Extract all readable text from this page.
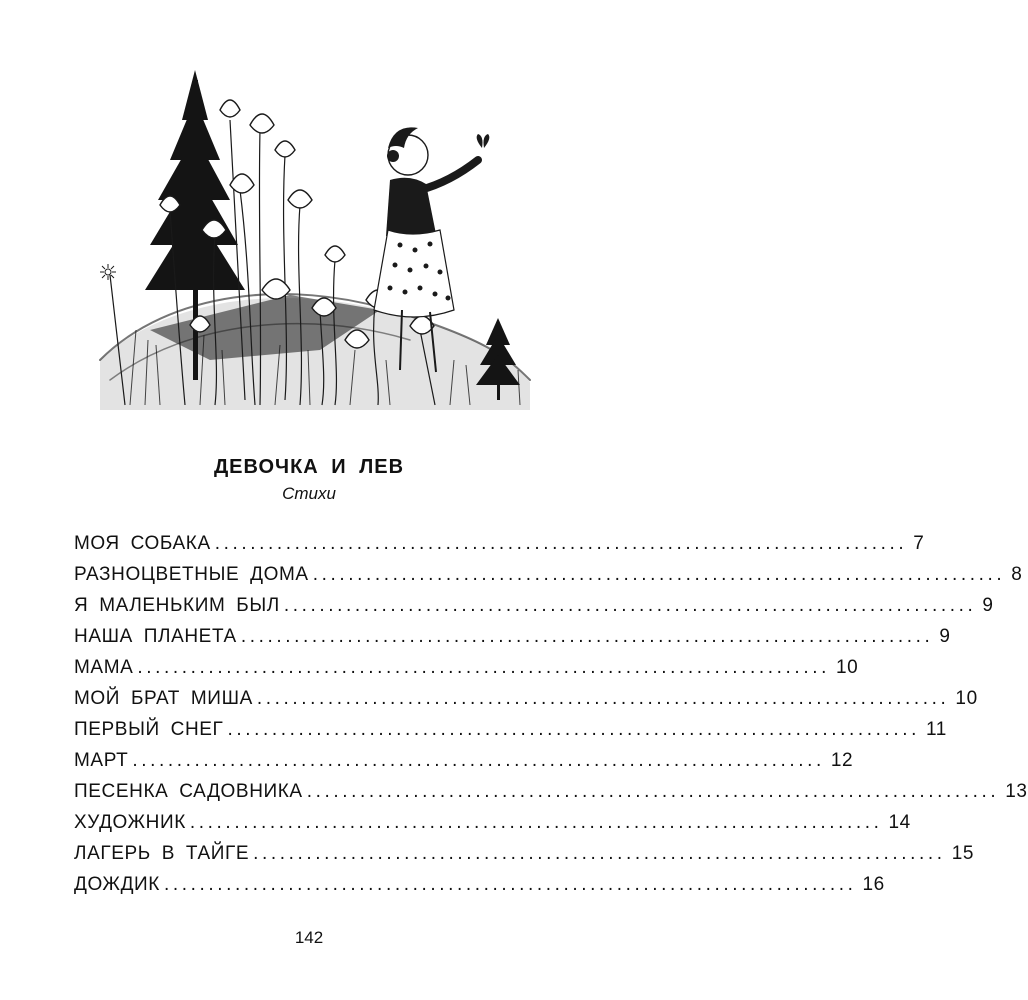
ДЕВОЧКА И ЛЕВ
Стихи
МОЯ СОБАКА .............................................................................. 7
РАЗНОЦВЕТНЫЕ ДОМА .............................................................................. 8
Я МАЛЕНЬКИМ БЫЛ .............................................................................. 9
НАША ПЛАНЕТА .............................................................................. 9
МАМА .............................................................................. 10
МОЙ БРАТ МИША .............................................................................. 10
ПЕРВЫЙ СНЕГ .............................................................................. 11
МАРТ .............................................................................. 12
ПЕСЕНКА САДОВНИКА .............................................................................. 13
ХУДОЖНИК .............................................................................. 14
ЛАГЕРЬ В ТАЙГЕ .............................................................................. 15
ДОЖДИК .............................................................................. 16
142
